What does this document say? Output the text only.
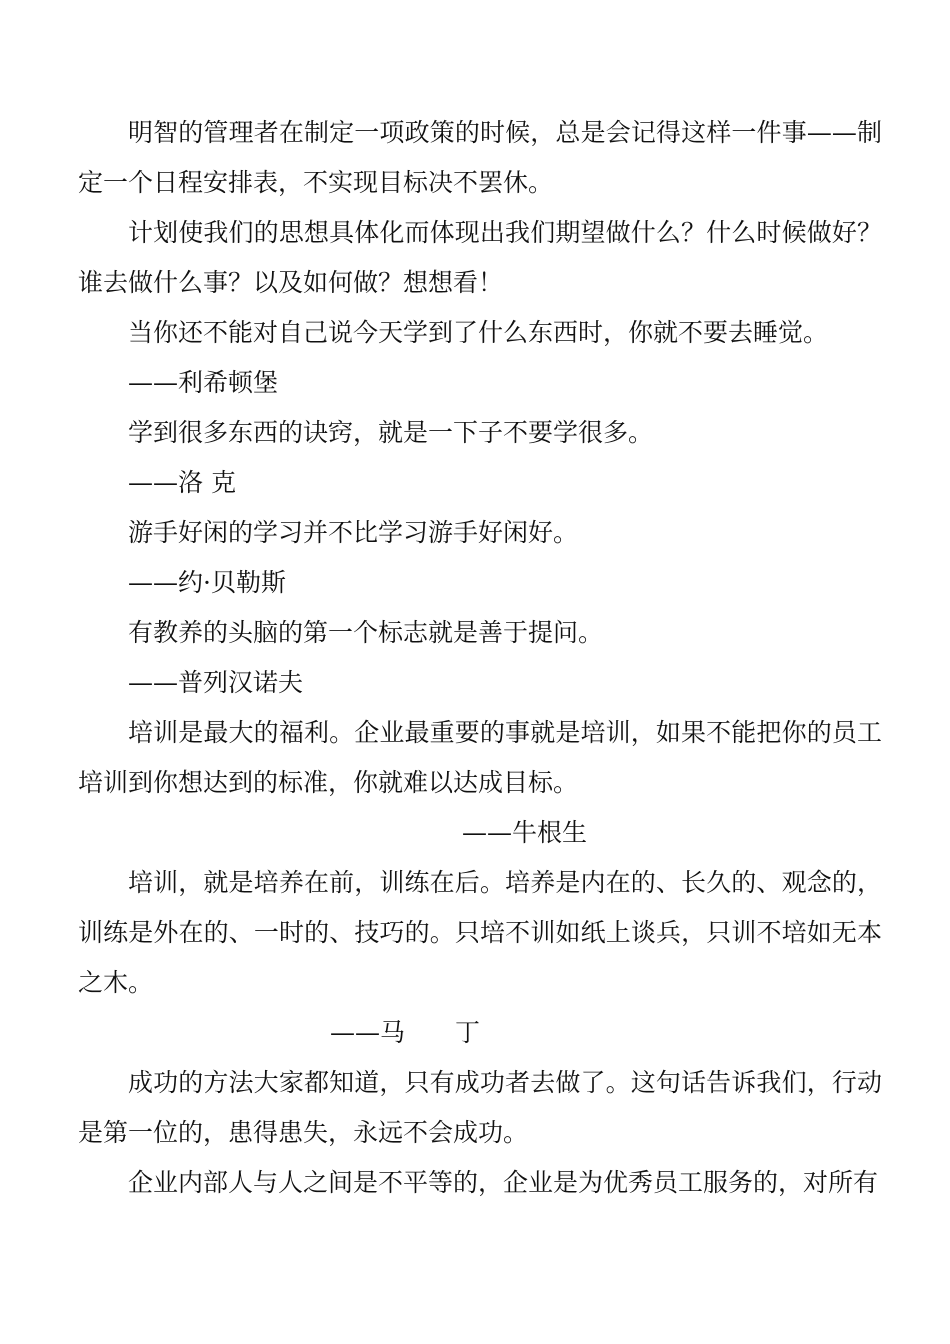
明智的管理者在制定一项政策的时候，总是会记得这样一件事——制定一个日程安排表，不实现目标决不罢休。

计划使我们的思想具体化而体现出我们期望做什么？什么时候做好？谁去做什么事？以及如何做？想想看！

当你还不能对自己说今天学到了什么东西时，你就不要去睡觉。

——利希顿堡

学到很多东西的诀窍，就是一下子不要学很多。

——洛 克

游手好闲的学习并不比学习游手好闲好。

——约·贝勒斯

有教养的头脑的第一个标志就是善于提问。

——普列汉诺夫

培训是最大的福利。企业最重要的事就是培训，如果不能把你的员工培训到你想达到的标准，你就难以达成目标。

——牛根生

培训，就是培养在前，训练在后。培养是内在的、长久的、观念的，训练是外在的、一时的、技巧的。只培不训如纸上谈兵，只训不培如无本之木。

——马　　丁

成功的方法大家都知道，只有成功者去做了。这句话告诉我们，行动是第一位的，患得患失，永远不会成功。

企业内部人与人之间是不平等的，企业是为优秀员工服务的，对所有
